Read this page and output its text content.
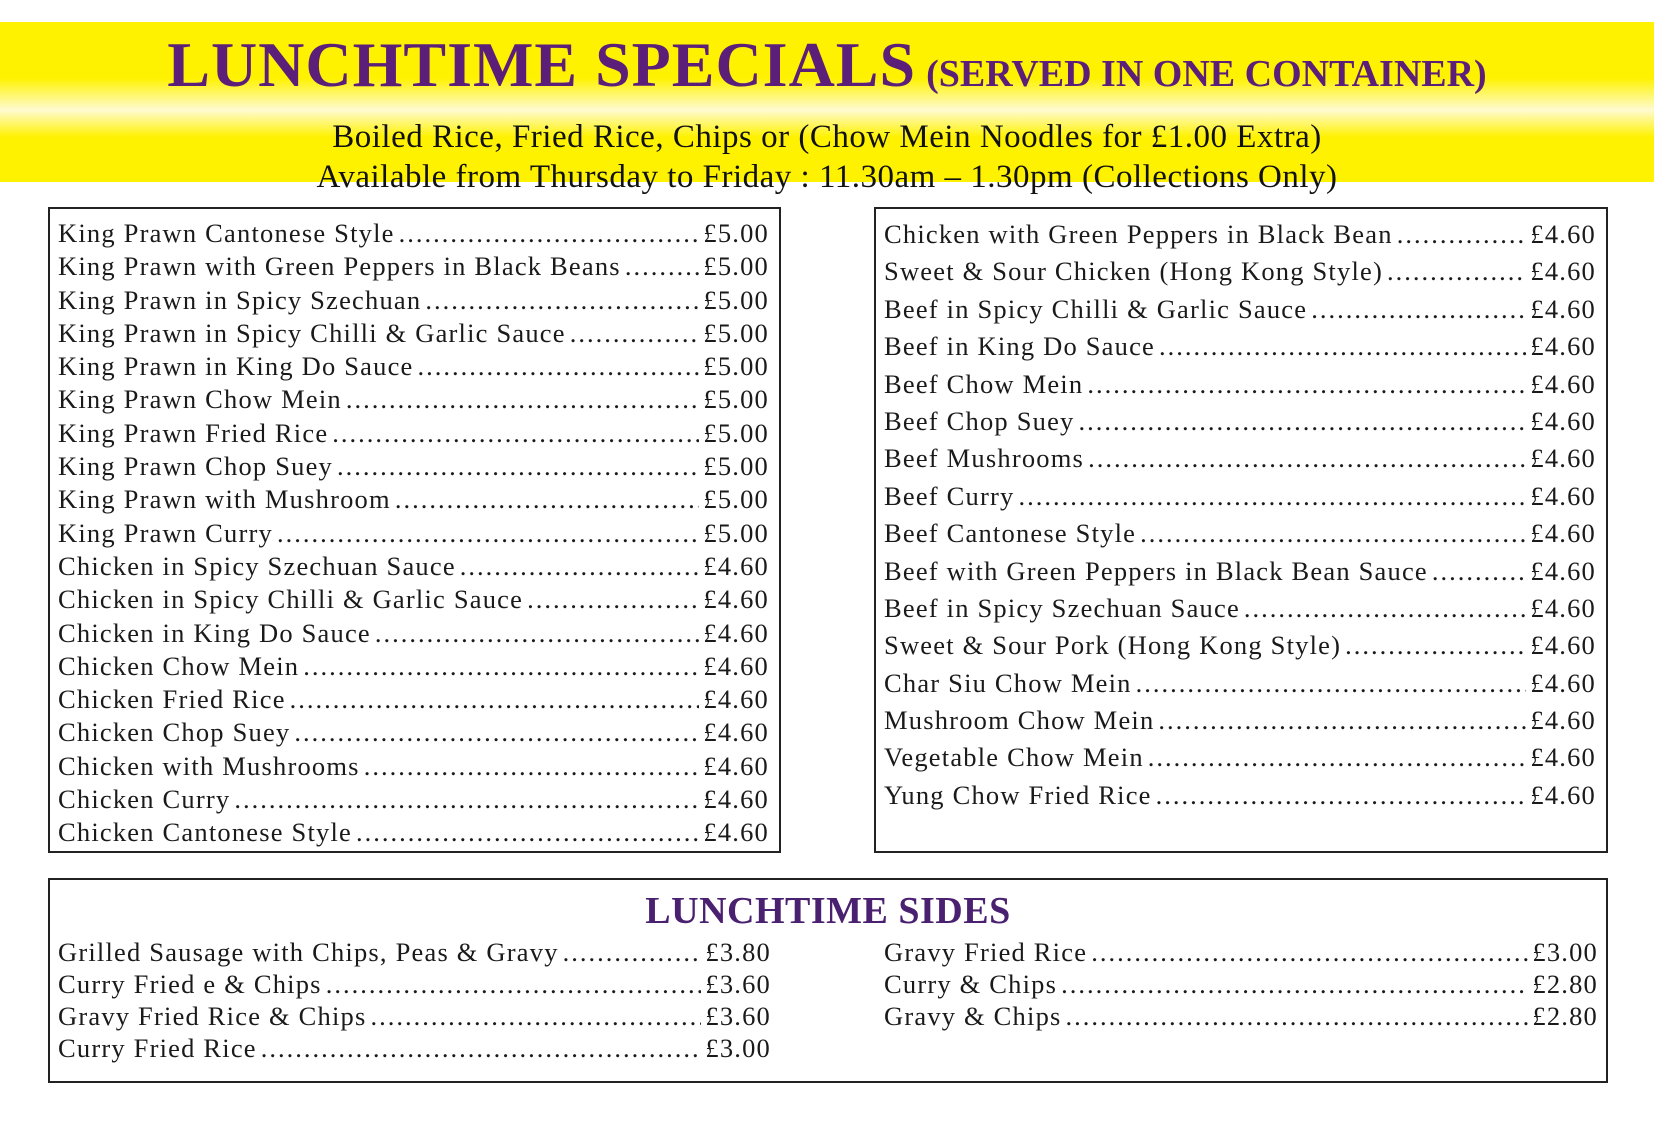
LUNCHTIME SPECIALS (SERVED IN ONE CONTAINER)
Boiled Rice, Fried Rice, Chips or (Chow Mein Noodles for £1.00 Extra)
Available from Thursday to Friday : 11.30am – 1.30pm (Collections Only)
King Prawn Cantonese Style .....	£5.00
King Prawn with Green Peppers in Black Beans .....	£5.00
King Prawn in Spicy Szechuan .....	£5.00
King Prawn in Spicy Chilli & Garlic Sauce .....	£5.00
King Prawn in King Do Sauce .....	£5.00
King Prawn Chow Mein .....	£5.00
King Prawn Fried Rice .....	£5.00
King Prawn Chop Suey .....	£5.00
King Prawn with Mushroom .....	£5.00
King Prawn Curry .....	£5.00
Chicken in Spicy Szechuan Sauce .....	£4.60
Chicken in Spicy Chilli & Garlic Sauce .....	£4.60
Chicken in King Do Sauce .....	£4.60
Chicken Chow Mein .....	£4.60
Chicken Fried Rice .....	£4.60
Chicken Chop Suey .....	£4.60
Chicken with Mushrooms .....	£4.60
Chicken Curry .....	£4.60
Chicken Cantonese Style .....	£4.60
Chicken with Green Peppers in Black Bean .....	£4.60
Sweet & Sour Chicken (Hong Kong Style) .....	£4.60
Beef in Spicy Chilli & Garlic Sauce .....	£4.60
Beef in King Do Sauce .....	£4.60
Beef Chow Mein .....	£4.60
Beef Chop Suey .....	£4.60
Beef Mushrooms .....	£4.60
Beef Curry .....	£4.60
Beef Cantonese Style .....	£4.60
Beef with Green Peppers in Black Bean Sauce .....	£4.60
Beef in Spicy Szechuan Sauce .....	£4.60
Sweet & Sour Pork (Hong Kong Style) .....	£4.60
Char Siu Chow Mein .....	£4.60
Mushroom Chow Mein .....	£4.60
Vegetable Chow Mein .....	£4.60
Yung Chow Fried Rice .....	£4.60
LUNCHTIME SIDES
Grilled Sausage with Chips, Peas & Gravy .....	£3.80
Curry Fried e & Chips .....	£3.60
Gravy Fried Rice & Chips .....	£3.60
Curry Fried Rice .....	£3.00
Gravy Fried Rice .....	£3.00
Curry & Chips .....	£2.80
Gravy & Chips .....	£2.80
